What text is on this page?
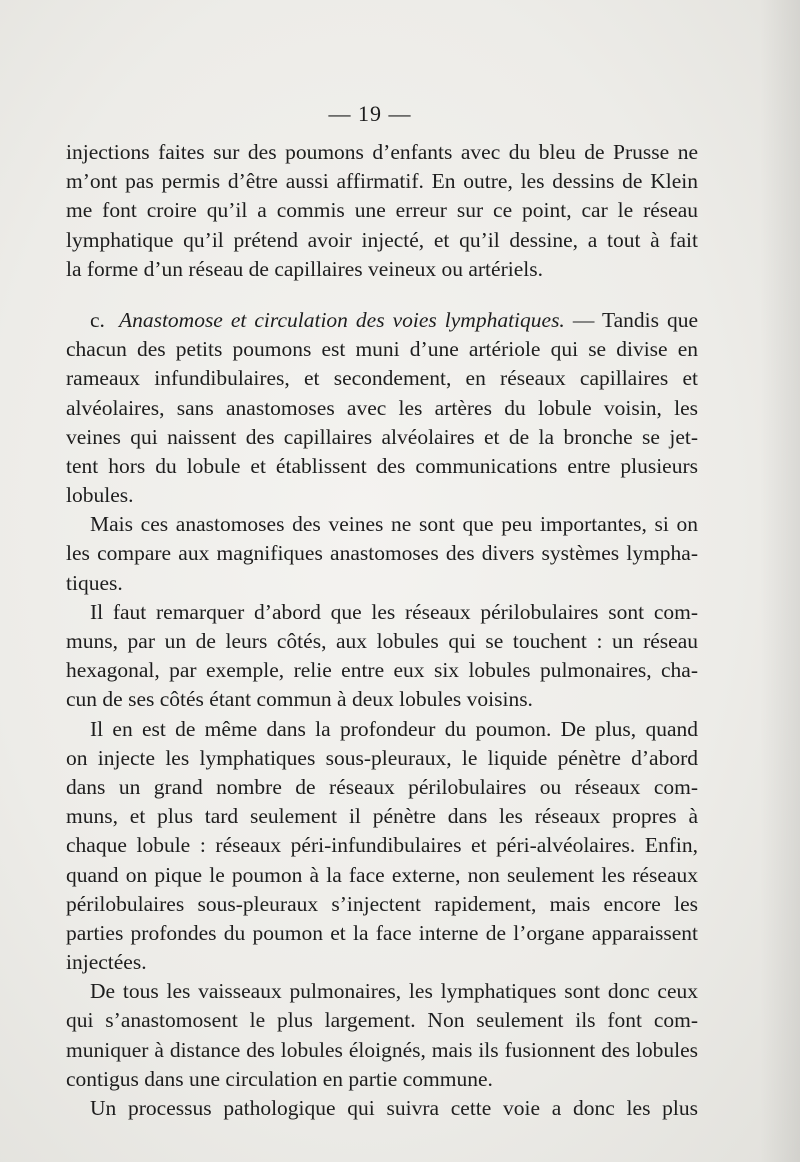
— 19 —
injections faites sur des poumons d’enfants avec du bleu de Prusse ne
m’ont pas permis d’être aussi affirmatif. En outre, les dessins de Klein
me font croire qu’il a commis une erreur sur ce point, car le réseau
lymphatique qu’il prétend avoir injecté, et qu’il dessine, a tout à fait
la forme d’un réseau de capillaires veineux ou artériels.
c. Anastomose et circulation des voies lymphatiques. — Tandis que
chacun des petits poumons est muni d’une artériole qui se divise en
rameaux infundibulaires, et secondement, en réseaux capillaires et
alvéolaires, sans anastomoses avec les artères du lobule voisin, les
veines qui naissent des capillaires alvéolaires et de la bronche se jet-
tent hors du lobule et établissent des communications entre plusieurs
lobules.
Mais ces anastomoses des veines ne sont que peu importantes, si on
les compare aux magnifiques anastomoses des divers systèmes lympha-
tiques.
Il faut remarquer d’abord que les réseaux périlobulaires sont com-
muns, par un de leurs côtés, aux lobules qui se touchent : un réseau
hexagonal, par exemple, relie entre eux six lobules pulmonaires, cha-
cun de ses côtés étant commun à deux lobules voisins.
Il en est de même dans la profondeur du poumon. De plus, quand
on injecte les lymphatiques sous-pleuraux, le liquide pénètre d’abord
dans un grand nombre de réseaux périlobulaires ou réseaux com-
muns, et plus tard seulement il pénètre dans les réseaux propres à
chaque lobule : réseaux péri-infundibulaires et péri-alvéolaires. Enfin,
quand on pique le poumon à la face externe, non seulement les réseaux
périlobulaires sous-pleuraux s’injectent rapidement, mais encore les
parties profondes du poumon et la face interne de l’organe apparaissent
injectées.
De tous les vaisseaux pulmonaires, les lymphatiques sont donc ceux
qui s’anastomosent le plus largement. Non seulement ils font com-
muniquer à distance des lobules éloignés, mais ils fusionnent des lobules
contigus dans une circulation en partie commune.
Un processus pathologique qui suivra cette voie a donc les plus
